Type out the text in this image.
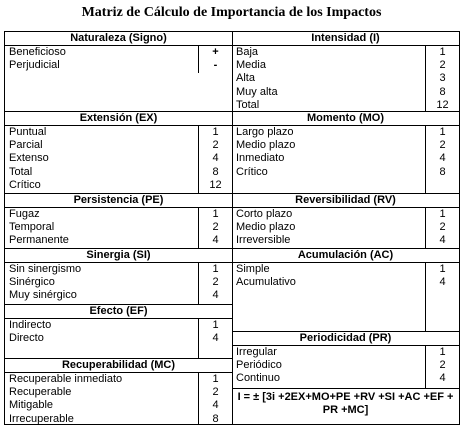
Matriz de Cálculo de Importancia de los Impactos
Naturaleza (Signo)
Beneficioso	+
Perjudicial	-
Extensión (EX)
Puntual	1
Parcial	2
Extenso	4
Total	8
Crítico	12
Persistencia (PE)
Fugaz	1
Temporal	2
Permanente	4
Sinergia (SI)
Sin sinergismo	1
Sinérgico	2
Muy sinérgico	4
Efecto (EF)
Indirecto	1
Directo	4
Recuperabilidad (MC)
Recuperable inmediato	1
Recuperable	2
Mitigable	4
Irrecuperable	8
Intensidad (I)
Baja	1
Media	2
Alta	3
Muy alta	8
Total	12
Momento (MO)
Largo plazo	1
Medio plazo	2
Inmediato	4
Crítico	8
Reversibilidad (RV)
Corto plazo	1
Medio plazo	2
Irreversible	4
Acumulación (AC)
Simple	1
Acumulativo	4
Periodicidad (PR)
Irregular	1
Periódico	2
Continuo	4
I = ± [3i +2EX+MO+PE +RV +SI +AC +EF + PR +MC]
